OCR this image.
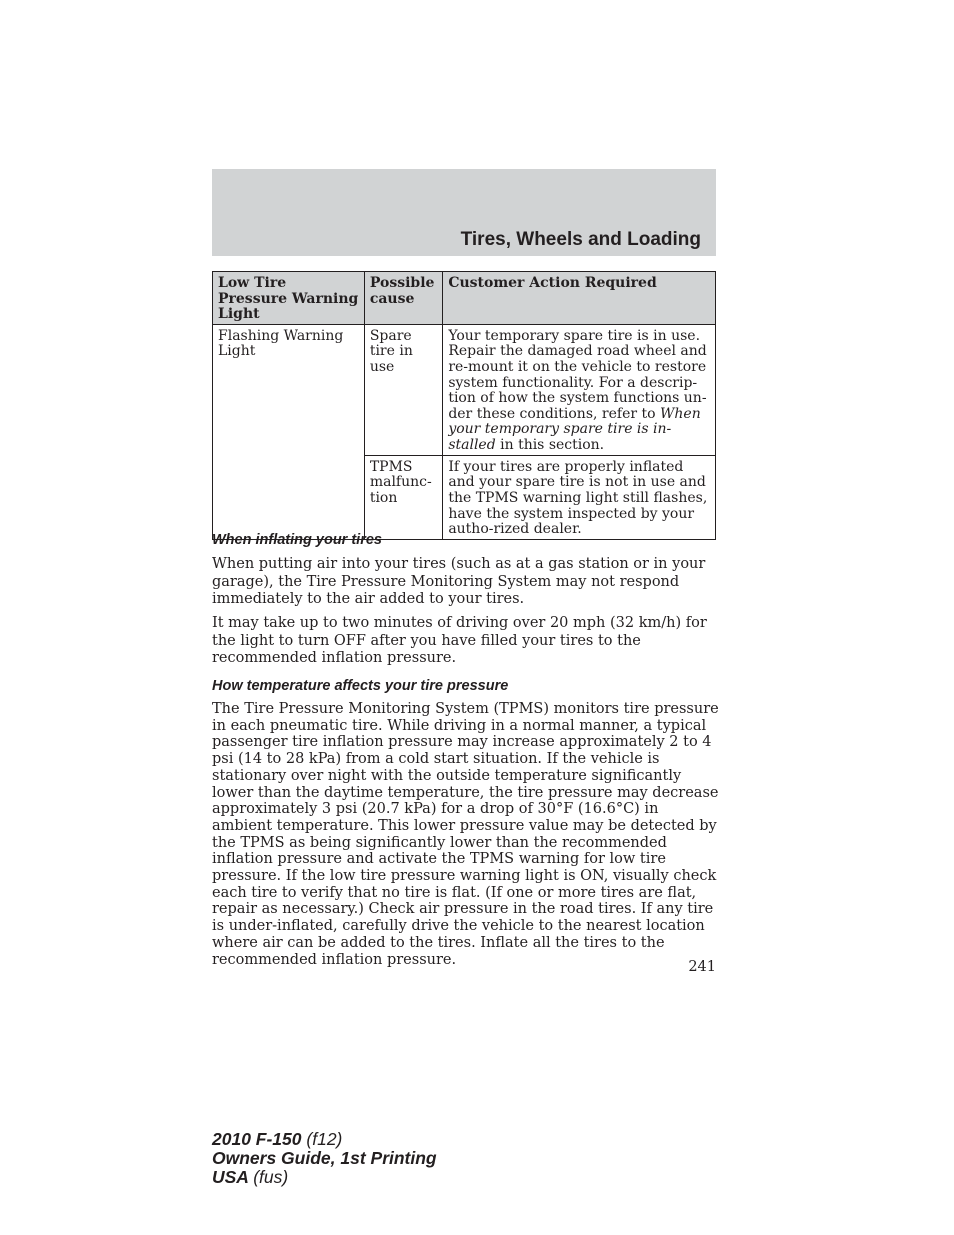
Tires, Wheels and Loading
Low Tire Pressure Warning Light	Possible cause	Customer Action Required
Flashing Warning Light	Spare tire in use	Your temporary spare tire is in use. Repair the damaged road wheel and re-mount it on the vehicle to restore system functionality. For a descrip-tion of how the system functions un-der these conditions, refer to When your temporary spare tire is in-stalled in this section.
	TPMS malfunc-tion	If your tires are properly inflated and your spare tire is not in use and the TPMS warning light still flashes, have the system inspected by your autho-rized dealer.
When inflating your tires

When putting air into your tires (such as at a gas station or in your garage), the Tire Pressure Monitoring System may not respond immediately to the air added to your tires.

It may take up to two minutes of driving over 20 mph (32 km/h) for the light to turn OFF after you have filled your tires to the recommended inflation pressure.

How temperature affects your tire pressure

The Tire Pressure Monitoring System (TPMS) monitors tire pressure in each pneumatic tire. While driving in a normal manner, a typical passenger tire inflation pressure may increase approximately 2 to 4 psi (14 to 28 kPa) from a cold start situation. If the vehicle is stationary over night with the outside temperature significantly lower than the daytime temperature, the tire pressure may decrease approximately 3 psi (20.7 kPa) for a drop of 30°F (16.6°C) in ambient temperature. This lower pressure value may be detected by the TPMS as being significantly lower than the recommended inflation pressure and activate the TPMS warning for low tire pressure. If the low tire pressure warning light is ON, visually check each tire to verify that no tire is flat. (If one or more tires are flat, repair as necessary.) Check air pressure in the road tires. If any tire is under-inflated, carefully drive the vehicle to the nearest location where air can be added to the tires. Inflate all the tires to the recommended inflation pressure.	241
2010 F-150 (f12)
Owners Guide, 1st Printing
USA (fus)
